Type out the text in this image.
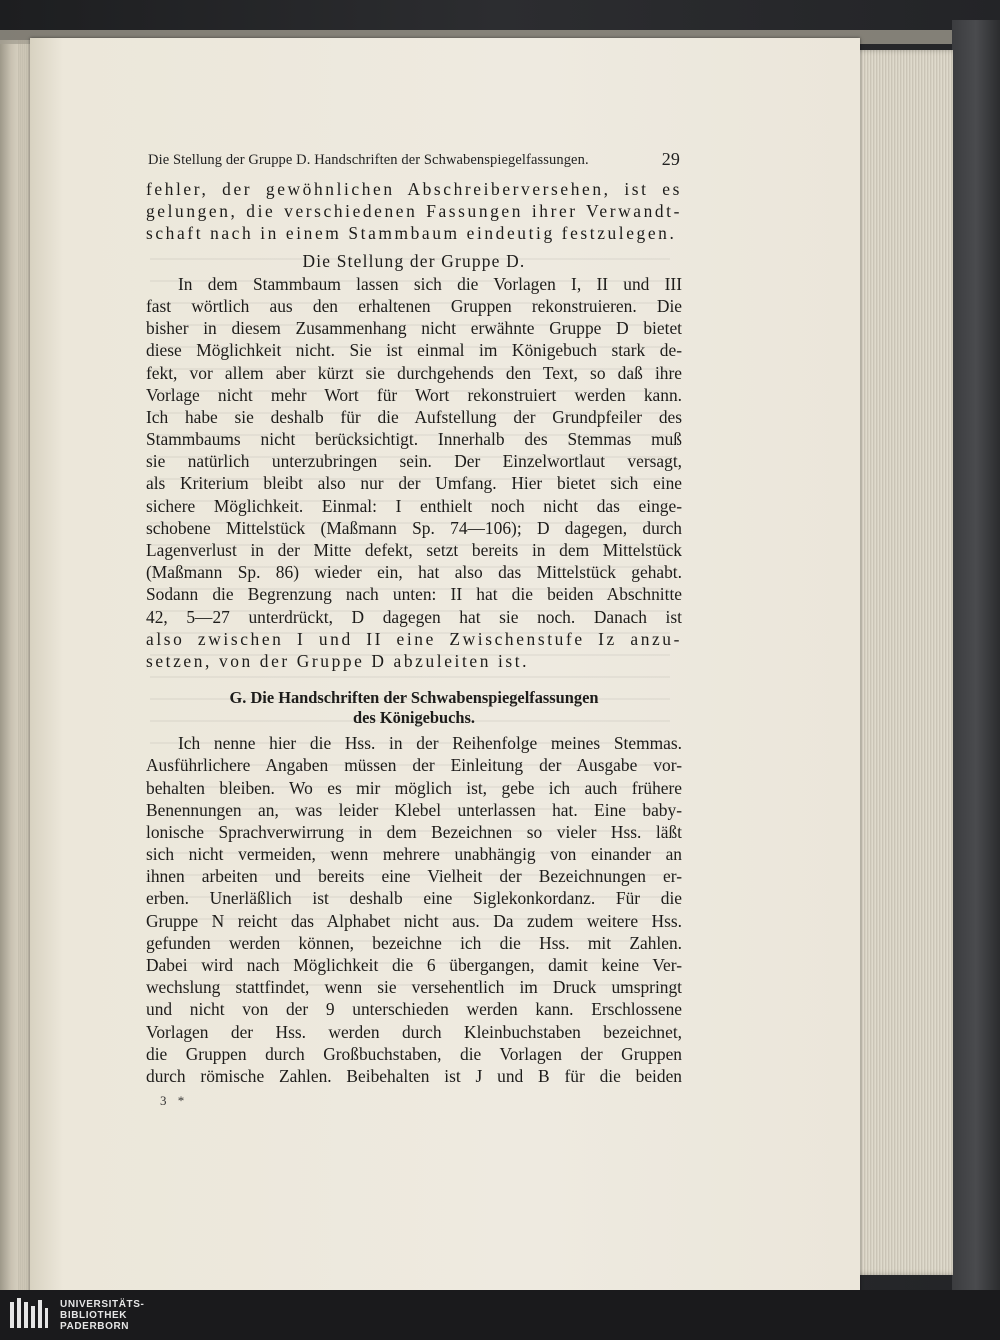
Die Stellung der Gruppe D. Handschriften der Schwabenspiegelfassungen.	29
fehler, der gewöhnlichen Abschreiberversehen, ist es
gelungen, die verschiedenen Fassungen ihrer Verwandt-
schaft nach in einem Stammbaum eindeutig festzulegen.
Die Stellung der Gruppe D.
In dem Stammbaum lassen sich die Vorlagen I, II und III
fast wörtlich aus den erhaltenen Gruppen rekonstruieren. Die
bisher in diesem Zusammenhang nicht erwähnte Gruppe D bietet
diese Möglichkeit nicht. Sie ist einmal im Königebuch stark de-
fekt, vor allem aber kürzt sie durchgehends den Text, so daß ihre
Vorlage nicht mehr Wort für Wort rekonstruiert werden kann.
Ich habe sie deshalb für die Aufstellung der Grundpfeiler des
Stammbaums nicht berücksichtigt. Innerhalb des Stemmas muß
sie natürlich unterzubringen sein. Der Einzelwortlaut versagt,
als Kriterium bleibt also nur der Umfang. Hier bietet sich eine
sichere Möglichkeit. Einmal: I enthielt noch nicht das einge-
schobene Mittelstück (Maßmann Sp. 74—106); D dagegen, durch
Lagenverlust in der Mitte defekt, setzt bereits in dem Mittelstück
(Maßmann Sp. 86) wieder ein, hat also das Mittelstück gehabt.
Sodann die Begrenzung nach unten: II hat die beiden Abschnitte
42, 5—27 unterdrückt, D dagegen hat sie noch. Danach ist
also zwischen I und II eine Zwischenstufe Iz anzu-
setzen, von der Gruppe D abzuleiten ist.
G. Die Handschriften der Schwabenspiegelfassungen
des Königebuchs.
Ich nenne hier die Hss. in der Reihenfolge meines Stemmas.
Ausführlichere Angaben müssen der Einleitung der Ausgabe vor-
behalten bleiben. Wo es mir möglich ist, gebe ich auch frühere
Benennungen an, was leider Klebel unterlassen hat. Eine baby-
lonische Sprachverwirrung in dem Bezeichnen so vieler Hss. läßt
sich nicht vermeiden, wenn mehrere unabhängig von einander an
ihnen arbeiten und bereits eine Vielheit der Bezeichnungen er-
erben. Unerläßlich ist deshalb eine Siglekonkordanz. Für die
Gruppe N reicht das Alphabet nicht aus. Da zudem weitere Hss.
gefunden werden können, bezeichne ich die Hss. mit Zahlen.
Dabei wird nach Möglichkeit die 6 übergangen, damit keine Ver-
wechslung stattfindet, wenn sie versehentlich im Druck umspringt
und nicht von der 9 unterschieden werden kann. Erschlossene
Vorlagen der Hss. werden durch Kleinbuchstaben bezeichnet,
die Gruppen durch Großbuchstaben, die Vorlagen der Gruppen
durch römische Zahlen. Beibehalten ist J und B für die beiden
3 *
UNIVERSITÄTS-
BIBLIOTHEK
PADERBORN
